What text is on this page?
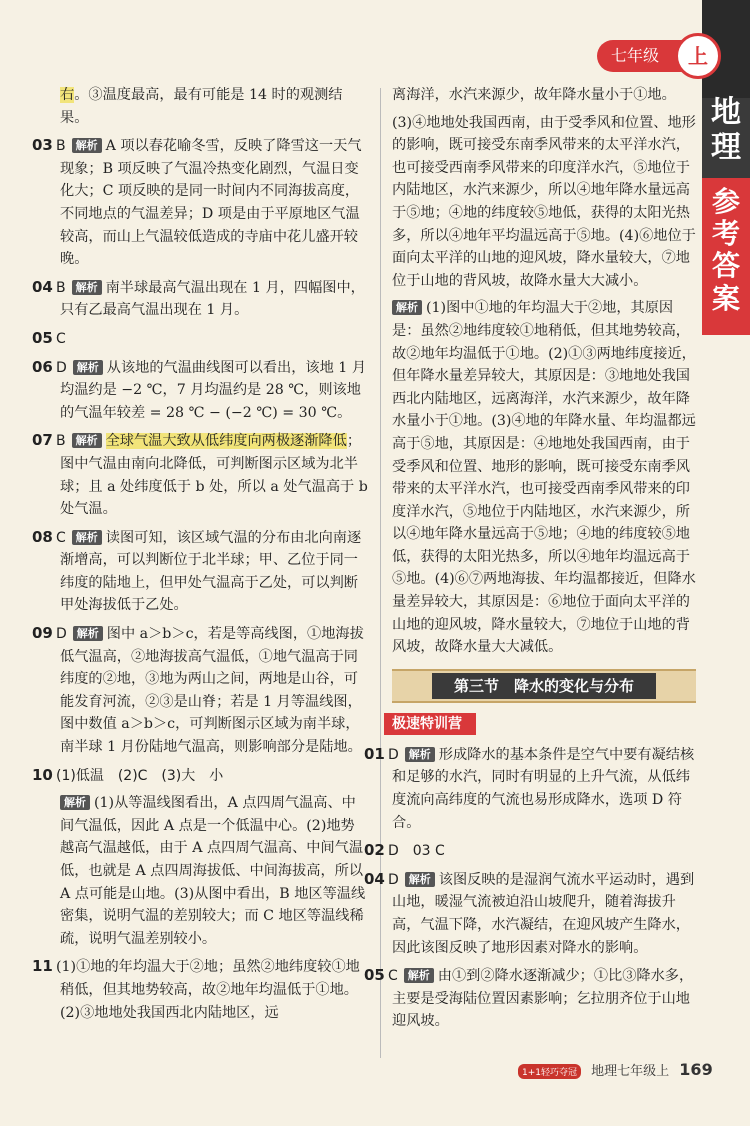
地
理
参
考
答
案
七年级	上
右。③温度最高，最有可能是 14 时的观测结果。
03 B 解析 A 项以春花喻冬雪，反映了降雪这一天气现象；B 项反映了气温冷热变化剧烈，气温日变化大；C 项反映的是同一时间内不同海拔高度，不同地点的气温差异；D 项是由于平原地区气温较高，而山上气温较低造成的寺庙中花儿盛开较晚。
04 B 解析 南半球最高气温出现在 1 月，四幅图中，只有乙最高气温出现在 1 月。
05 C
06 D 解析 从该地的气温曲线图可以看出，该地 1 月均温约是 −2 ℃，7 月均温约是 28 ℃，则该地的气温年较差 = 28 ℃ − (−2 ℃) = 30 ℃。
07 B 解析 全球气温大致从低纬度向两极逐渐降低；图中气温由南向北降低，可判断图示区域为北半球；且 a 处纬度低于 b 处，所以 a 处气温高于 b 处气温。
08 C 解析 读图可知，该区域气温的分布由北向南逐渐增高，可以判断位于北半球；甲、乙位于同一纬度的陆地上，但甲处气温高于乙处，可以判断甲处海拔低于乙处。
09 D 解析 图中 a＞b＞c，若是等高线图，①地海拔低气温高，②地海拔高气温低，①地气温高于同纬度的②地，③地为两山之间，两地是山谷，可能发育河流，②③是山脊；若是 1 月等温线图，图中数值 a＞b＞c，可判断图示区域为南半球，南半球 1 月份陆地气温高，则影响部分是陆地。
10 (1)低温　(2)C　(3)大　小
解析 (1)从等温线图看出，A 点四周气温高、中间气温低，因此 A 点是一个低温中心。(2)地势越高气温越低，由于 A 点四周气温高、中间气温低，也就是 A 点四周海拔低、中间海拔高，所以 A 点可能是山地。(3)从图中看出，B 地区等温线密集，说明气温的差别较大；而 C 地区等温线稀疏，说明气温差别较小。
11 (1)①地的年均温大于②地；虽然②地纬度较①地稍低，但其地势较高，故②地年均温低于①地。　(2)③地地处我国西北内陆地区，远
离海洋，水汽来源少，故年降水量小于①地。
(3)④地地处我国西南，由于受季风和位置、地形的影响，既可接受东南季风带来的太平洋水汽，也可接受西南季风带来的印度洋水汽，⑤地位于内陆地区，水汽来源少，所以④地年降水量远高于⑤地；④地的纬度较⑤地低，获得的太阳光热多，所以④地年平均温远高于⑤地。(4)⑥地位于面向太平洋的山地的迎风坡，降水量较大，⑦地位于山地的背风坡，故降水量大大减小。
解析 (1)图中①地的年均温大于②地，其原因是：虽然②地纬度较①地稍低，但其地势较高，故②地年均温低于①地。(2)①③两地纬度接近，但年降水量差异较大，其原因是：③地地处我国西北内陆地区，远离海洋，水汽来源少，故年降水量小于①地。(3)④地的年降水量、年均温都远高于⑤地，其原因是：④地地处我国西南，由于受季风和位置、地形的影响，既可接受东南季风带来的太平洋水汽，也可接受西南季风带来的印度洋水汽，⑤地位于内陆地区，水汽来源少，所以④地年降水量远高于⑤地；④地的纬度较⑤地低，获得的太阳光热多，所以④地年均温远高于⑤地。(4)⑥⑦两地海拔、年均温都接近，但降水量差异较大，其原因是：⑥地位于面向太平洋的山地的迎风坡，降水量较大，⑦地位于山地的背风坡，故降水量大大减低。
第三节　降水的变化与分布
极速特训营
01 D 解析 形成降水的基本条件是空气中要有凝结核和足够的水汽，同时有明显的上升气流，从低纬度流向高纬度的气流也易形成降水，选项 D 符合。
02 D　03 C
04 D 解析 该图反映的是湿润气流水平运动时，遇到山地，暖湿气流被迫沿山坡爬升，随着海拔升高，气温下降，水汽凝结，在迎风坡产生降水，因此该图反映了地形因素对降水的影响。
05 C 解析 由①到②降水逐渐减少；①比③降水多，主要是受海陆位置因素影响；乞拉朋齐位于山地迎风坡。
1+1轻巧夺冠 地理七年级上 169
